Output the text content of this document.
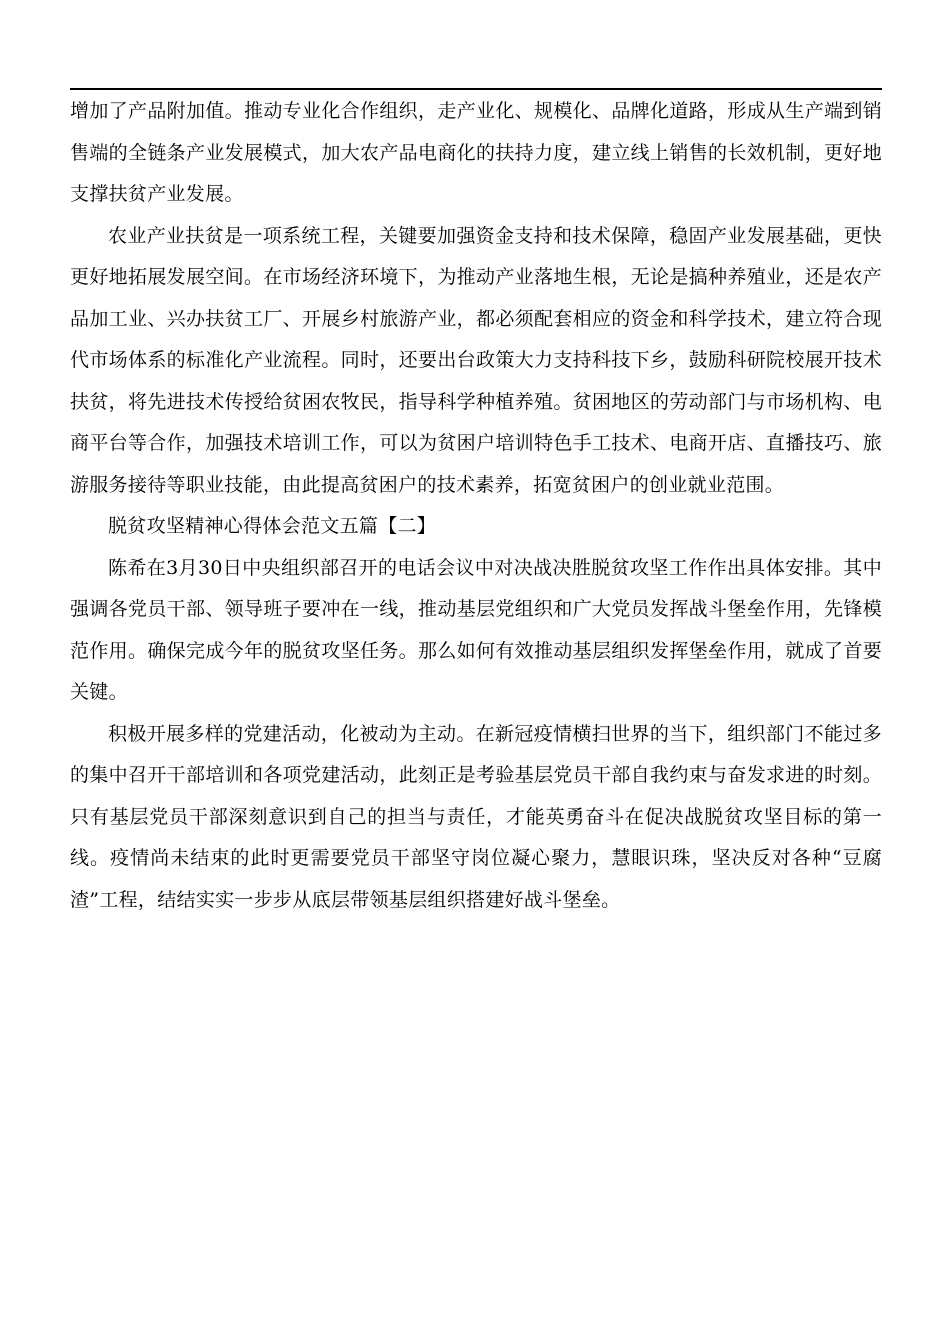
增加了产品附加值。推动专业化合作组织，走产业化、规模化、品牌化道路，形成从生产端到销售端的全链条产业发展模式，加大农产品电商化的扶持力度，建立线上销售的长效机制，更好地支撑扶贫产业发展。

农业产业扶贫是一项系统工程，关键要加强资金支持和技术保障，稳固产业发展基础，更快更好地拓展发展空间。在市场经济环境下，为推动产业落地生根，无论是搞种养殖业，还是农产品加工业、兴办扶贫工厂、开展乡村旅游产业，都必须配套相应的资金和科学技术，建立符合现代市场体系的标准化产业流程。同时，还要出台政策大力支持科技下乡，鼓励科研院校展开技术扶贫，将先进技术传授给贫困农牧民，指导科学种植养殖。贫困地区的劳动部门与市场机构、电商平台等合作，加强技术培训工作，可以为贫困户培训特色手工技术、电商开店、直播技巧、旅游服务接待等职业技能，由此提高贫困户的技术素养，拓宽贫困户的创业就业范围。

脱贫攻坚精神心得体会范文五篇【二】

陈希在3月30日中央组织部召开的电话会议中对决战决胜脱贫攻坚工作作出具体安排。其中强调各党员干部、领导班子要冲在一线，推动基层党组织和广大党员发挥战斗堡垒作用，先锋模范作用。确保完成今年的脱贫攻坚任务。那么如何有效推动基层组织发挥堡垒作用，就成了首要关键。

积极开展多样的党建活动，化被动为主动。在新冠疫情横扫世界的当下，组织部门不能过多的集中召开干部培训和各项党建活动，此刻正是考验基层党员干部自我约束与奋发求进的时刻。只有基层党员干部深刻意识到自己的担当与责任，才能英勇奋斗在促决战脱贫攻坚目标的第一线。疫情尚未结束的此时更需要党员干部坚守岗位凝心聚力，慧眼识珠，坚决反对各种“豆腐渣”工程，结结实实一步步从底层带领基层组织搭建好战斗堡垒。
